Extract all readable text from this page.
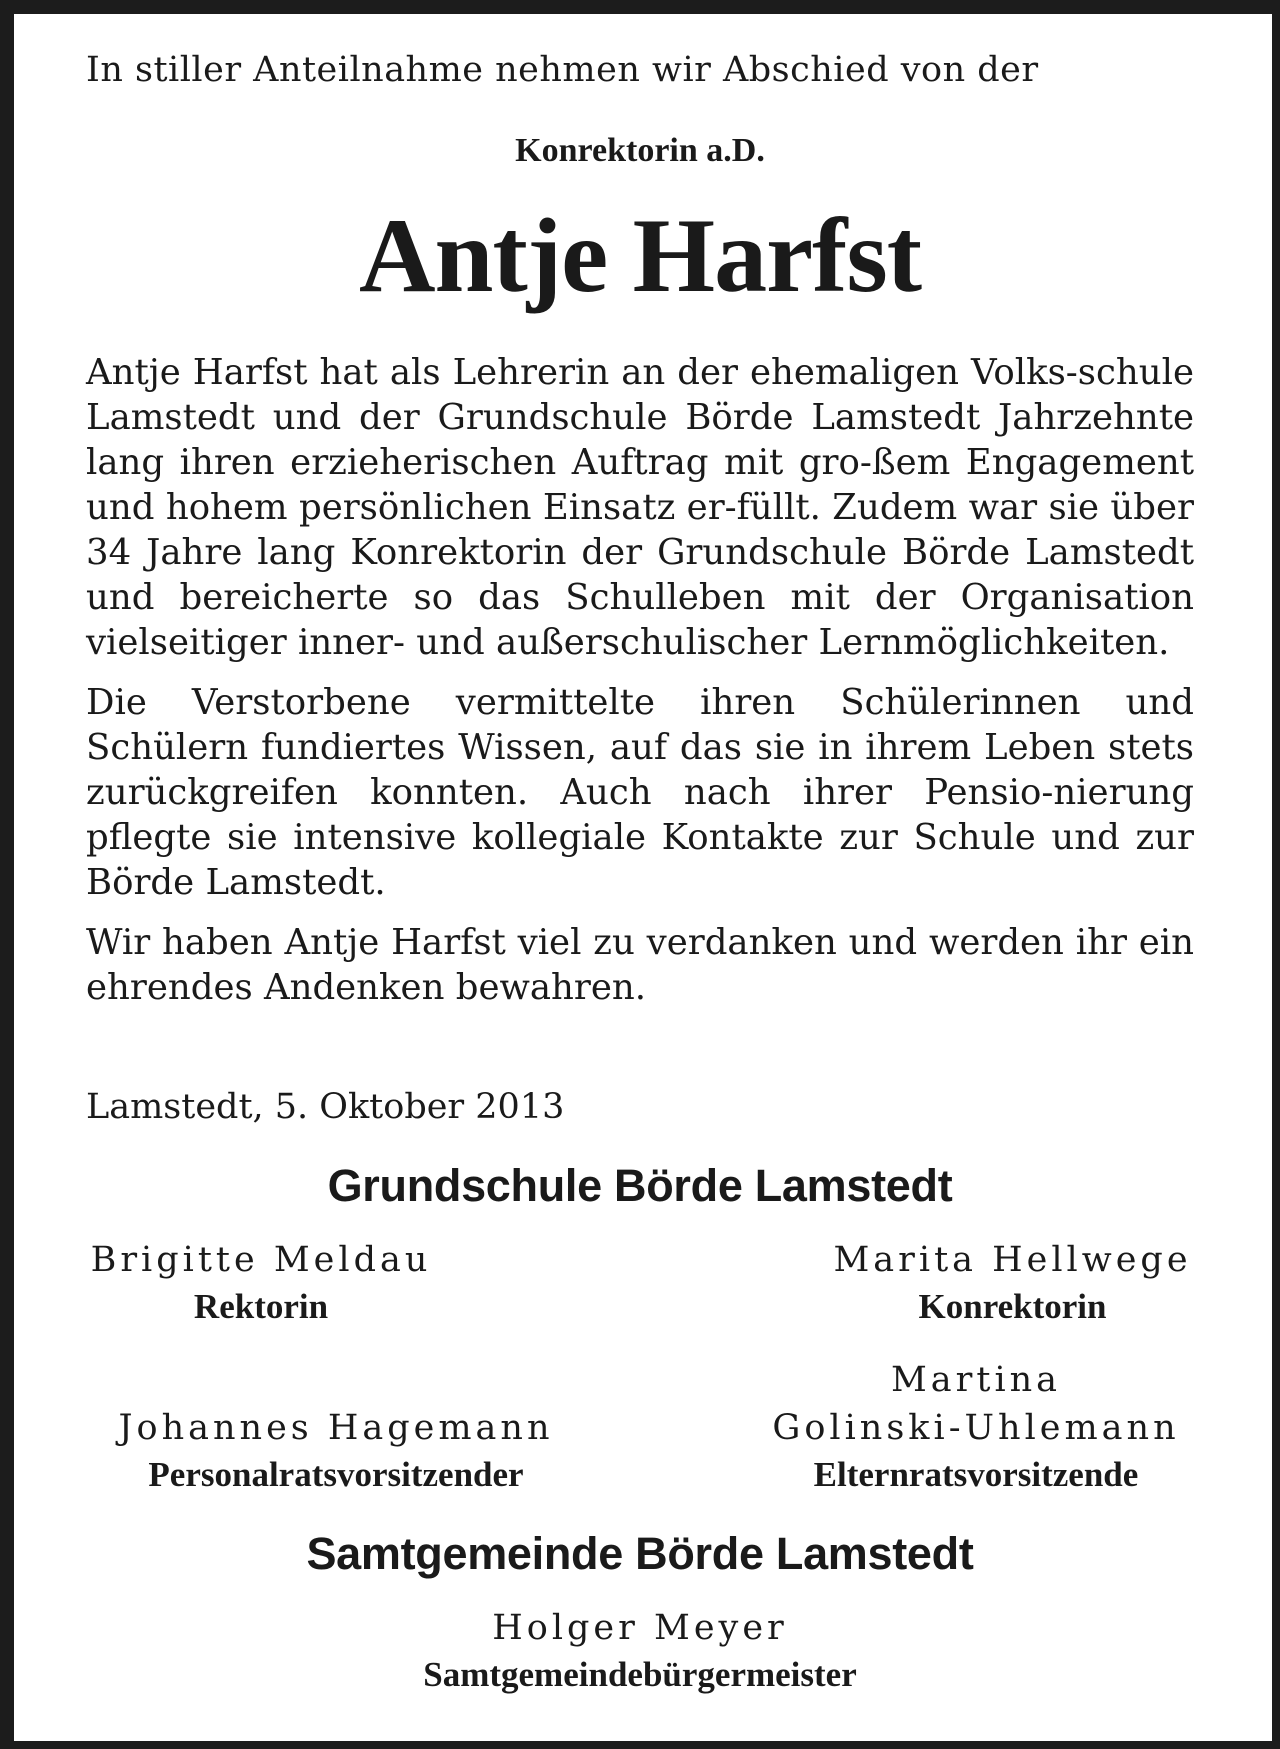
In stiller Anteilnahme nehmen wir Abschied von der
Konrektorin a.D.
Antje Harfst

Antje Harfst hat als Lehrerin an der ehemaligen Volks-schule Lamstedt und der Grundschule Börde Lamstedt Jahrzehnte lang ihren erzieherischen Auftrag mit gro-ßem Engagement und hohem persönlichen Einsatz er-füllt. Zudem war sie über 34 Jahre lang Konrektorin der Grundschule Börde Lamstedt und bereicherte so das Schulleben mit der Organisation vielseitiger inner- und außerschulischer Lernmöglichkeiten.

Die Verstorbene vermittelte ihren Schülerinnen und Schülern fundiertes Wissen, auf das sie in ihrem Leben stets zurückgreifen konnten. Auch nach ihrer Pensio-nierung pflegte sie intensive kollegiale Kontakte zur Schule und zur Börde Lamstedt.

Wir haben Antje Harfst viel zu verdanken und werden ihr ein ehrendes Andenken bewahren.

Lamstedt, 5. Oktober 2013
Grundschule Börde Lamstedt
Brigitte Meldau
Rektorin
Marita Hellwege
Konrektorin
Johannes Hagemann
Personalratsvorsitzender
Martina
Golinski-Uhlemann
Elternratsvorsitzende
Samtgemeinde Börde Lamstedt
Holger Meyer
Samtgemeindebürgermeister
